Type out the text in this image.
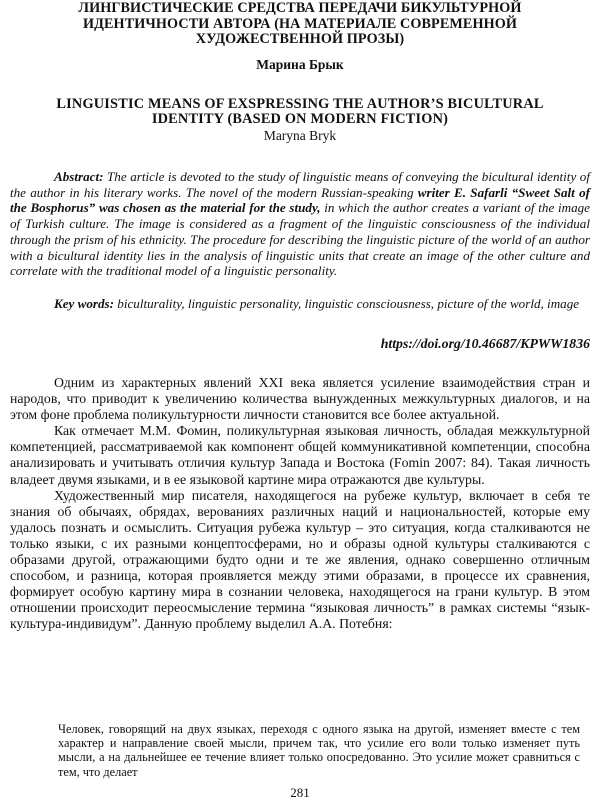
ЛИНГВИСТИЧЕСКИЕ СРЕДСТВА ПЕРЕДАЧИ БИКУЛЬТУРНОЙ
ИДЕНТИЧНОСТИ АВТОРА (НА МАТЕРИАЛЕ СОВРЕМЕННОЙ
ХУДОЖЕСТВЕННОЙ ПРОЗЫ)
Марина Брык
LINGUISTIC MEANS OF EXSPRESSING THE AUTHOR’S BICULTURAL
IDENTITY (BASED ON MODERN FICTION)
Maryna Bryk
Abstract: The article is devoted to the study of linguistic means of conveying the bicultural identity of the author in his literary works. The novel of the modern Russian-speaking writer E. Safarli “Sweet Salt of the Bosphorus” was chosen as the material for the study, in which the author creates a variant of the image of Turkish culture. The image is considered as a fragment of the linguistic consciousness of the individual through the prism of his ethnicity. The procedure for describing the linguistic picture of the world of an author with a bicultural identity lies in the analysis of linguistic units that create an image of the other culture and correlate with the traditional model of a linguistic personality.
Key words: biculturality, linguistic personality, linguistic consciousness, picture of the world, image
https://doi.org/10.46687/KPWW1836

Одним из характерных явлений XXI века является усиление взаимодействия стран и народов, что приводит к увеличению количества вынужденных межкультурных диалогов, и на этом фоне проблема поликультурности личности становится все более актуальной.

Как отмечает М.М. Фомин, поликультурная языковая личность, обладая межкультурной компетенцией, рассматриваемой как компонент общей коммуникативной компетенции, способна анализировать и учитывать отличия культур Запада и Востока (Fomin 2007: 84). Такая личность владеет двумя языками, и в ее языковой картине мира отражаются две культуры.

Художественный мир писателя, находящегося на рубеже культур, включает в себя те знания об обычаях, обрядах, верованиях различных наций и национальностей, которые ему удалось познать и осмыслить. Ситуация рубежа культур – это ситуация, когда сталкиваются не только языки, с их разными концептосферами, но и образы одной культуры сталкиваются с образами другой, отражающими будто одни и те же явления, однако совершенно отличным способом, и разница, которая проявляется между этими образами, в процессе их сравнения, формирует особую картину мира в сознании человека, находящегося на грани культур. В этом отношении происходит переосмысление термина “языковая личность” в рамках системы “язык-культура-индивидум”. Данную проблему выделил А.А. Потебня:

Человек, говорящий на двух языках, переходя с одного языка на другой, изменяет вместе с тем характер и направление своей мысли, причем так, что усилие его воли только изменяет путь мысли, а на дальнейшее ее течение влияет только опосредованно. Это усилие может сравниться с тем, что делает

281
